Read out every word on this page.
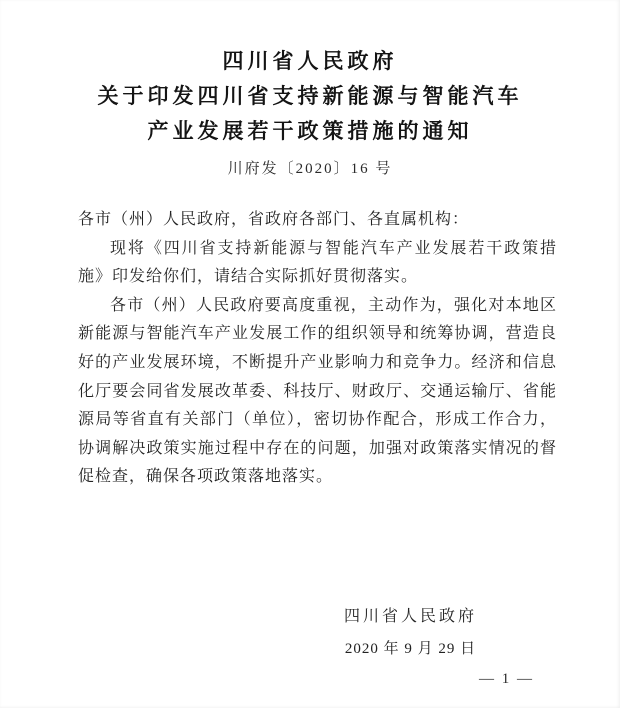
四川省人民政府
关于印发四川省支持新能源与智能汽车
产业发展若干政策措施的通知
川府发〔2020〕16 号

各市（州）人民政府，省政府各部门、各直属机构：

现将《四川省支持新能源与智能汽车产业发展若干政策措施》印发给你们，请结合实际抓好贯彻落实。

各市（州）人民政府要高度重视，主动作为，强化对本地区新能源与智能汽车产业发展工作的组织领导和统筹协调，营造良好的产业发展环境，不断提升产业影响力和竞争力。经济和信息化厅要会同省发展改革委、科技厅、财政厅、交通运输厅、省能源局等省直有关部门（单位），密切协作配合，形成工作合力，协调解决政策实施过程中存在的问题，加强对政策落实情况的督促检查，确保各项政策落地落实。

四川省人民政府
2020 年 9 月 29 日
— 1 —
